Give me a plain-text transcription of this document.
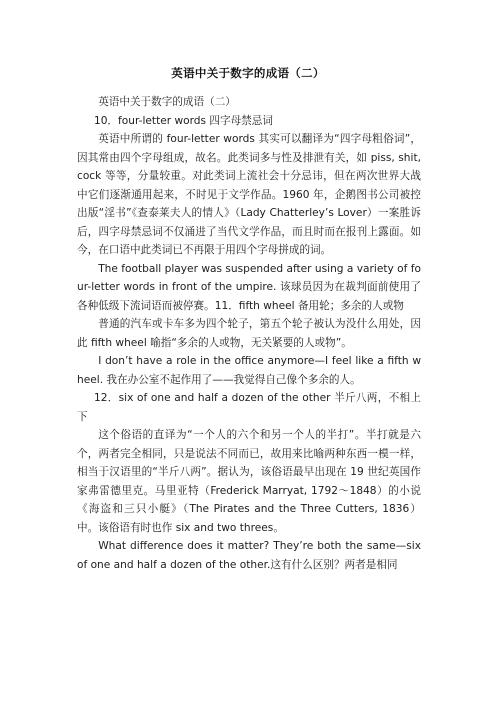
英语中关于数字的成语（二）

英语中关于数字的成语（二）

10．four-letter words 四字母禁忌词

英语中所谓的 four-letter words 其实可以翻译为“四字母粗俗词”，因其常由四个字母组成，故名。此类词多与性及排泄有关，如 piss, shit, cock 等等，分量较重。对此类词上流社会十分忌讳，但在两次世界大战中它们逐渐通用起来，不时见于文学作品。1960 年，企鹅图书公司被控出版“淫书”《查泰莱夫人的情人》（Lady Chatterley’s Lover）一案胜诉后，四字母禁忌词不仅涌进了当代文学作品，而且时而在报刊上露面。如今，在口语中此类词已不再限于用四个字母拼成的词。

The football player was suspended after using a variety of four-letter words in front of the umpire. 该球员因为在裁判面前使用了各种低级下流词语而被停赛。11．fifth wheel 备用轮；多余的人或物

普通的汽车或卡车多为四个轮子，第五个轮子被认为没什么用处，因此 fifth wheel 喻指“多余的人或物，无关紧要的人或物”。

I don’t have a role in the office anymore—I feel like a fifth wheel. 我在办公室不起作用了——我觉得自己像个多余的人。

12．six of one and half a dozen of the other 半斤八两，不相上下

这个俗语的直译为“一个人的六个和另一个人的半打”。半打就是六个，两者完全相同，只是说法不同而已，故用来比喻两种东西一模一样，相当于汉语里的“半斤八两”。据认为，该俗语最早出现在 19 世纪英国作家弗雷德里克。马里亚特（Frederick Marryat, 1792～1848）的小说《海盗和三只小艇》（The Pirates and the Three Cutters, 1836）中。该俗语有时也作 six and two threes。

What difference does it matter? They’re both the same—six of one and half a dozen of the other.这有什么区别？两者是相同
